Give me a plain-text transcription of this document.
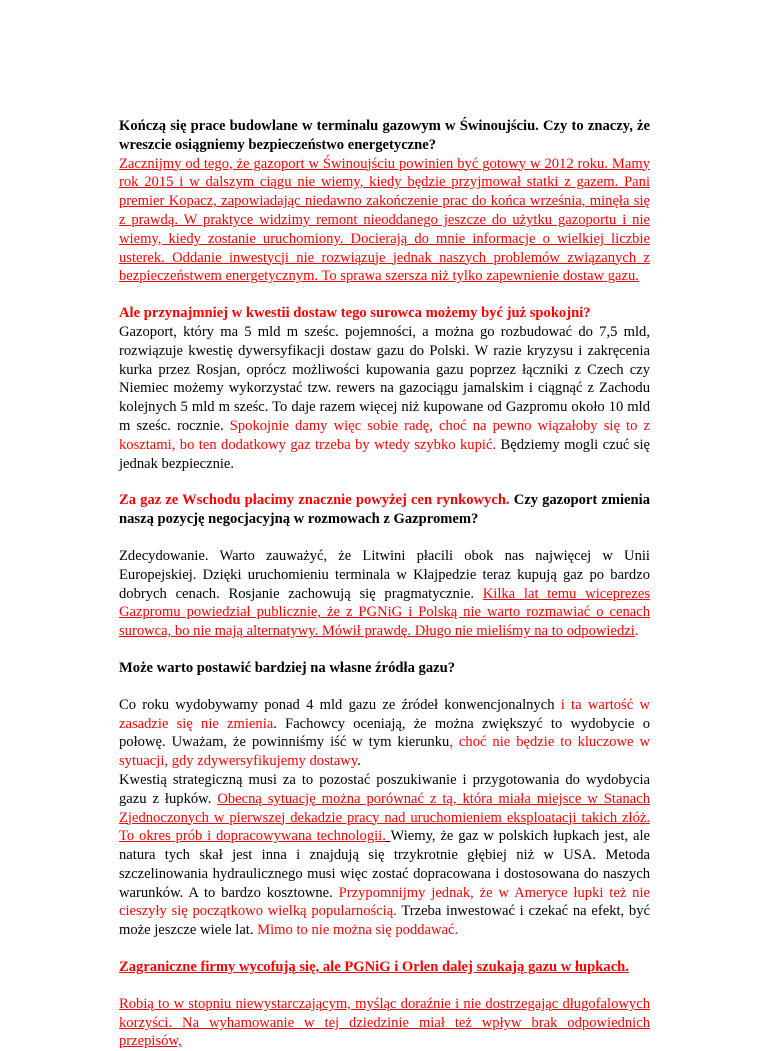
Kończą się prace budowlane w terminalu gazowym w Świnoujściu. Czy to znaczy, że wreszcie osiągniemy bezpieczeństwo energetyczne?

Zacznijmy od tego, że gazoport w Świnoujściu powinien być gotowy w 2012 roku. Mamy rok 2015 i w dalszym ciągu nie wiemy, kiedy będzie przyjmował statki z gazem. Pani premier Kopacz, zapowiadając niedawno zakończenie prac do końca września, minęła się z prawdą. W praktyce widzimy remont nieoddanego jeszcze do użytku gazoportu i nie wiemy, kiedy zostanie uruchomiony. Docierają do mnie informacje o wielkiej liczbie usterek. Oddanie inwestycji nie rozwiązuje jednak naszych problemów związanych z bezpieczeństwem energetycznym. To sprawa szersza niż tylko zapewnienie dostaw gazu.

Ale przynajmniej w kwestii dostaw tego surowca możemy być już spokojni?

Gazoport, który ma 5 mld m sześc. pojemności, a można go rozbudować do 7,5 mld, rozwiązuje kwestię dywersyfikacji dostaw gazu do Polski. W razie kryzysu i zakręcenia kurka przez Rosjan, oprócz możliwości kupowania gazu poprzez łączniki z Czech czy Niemiec możemy wykorzystać tzw. rewers na gazociągu jamalskim i ciągnąć z Zachodu kolejnych 5 mld m sześc. To daje razem więcej niż kupowane od Gazpromu około 10 mld m sześc. rocznie. Spokojnie damy więc sobie radę, choć na pewno wiązałoby się to z kosztami, bo ten dodatkowy gaz trzeba by wtedy szybko kupić. Będziemy mogli czuć się jednak bezpiecznie.

Za gaz ze Wschodu płacimy znacznie powyżej cen rynkowych. Czy gazoport zmienia naszą pozycję negocjacyjną w rozmowach z Gazpromem?

Zdecydowanie. Warto zauważyć, że Litwini płacili obok nas najwięcej w Unii Europejskiej. Dzięki uruchomieniu terminala w Kłajpedzie teraz kupują gaz po bardzo dobrych cenach. Rosjanie zachowują się pragmatycznie. Kilka lat temu wiceprezes Gazpromu powiedział publicznie, że z PGNiG i Polską nie warto rozmawiać o cenach surowca, bo nie mają alternatywy. Mówił prawdę. Długo nie mieliśmy na to odpowiedzi.

Może warto postawić bardziej na własne źródła gazu?

Co roku wydobywamy ponad 4 mld gazu ze źródeł konwencjonalnych i ta wartość w zasadzie się nie zmienia. Fachowcy oceniają, że można zwiększyć to wydobycie o połowę. Uważam, że powinniśmy iść w tym kierunku, choć nie będzie to kluczowe w sytuacji, gdy zdywersyfikujemy dostawy.

Kwestią strategiczną musi za to pozostać poszukiwanie i przygotowania do wydobycia gazu z łupków. Obecną sytuację można porównać z tą, która miała miejsce w Stanach Zjednoczonych w pierwszej dekadzie pracy nad uruchomieniem eksploatacji takich złóż. To okres prób i dopracowywana technologii. Wiemy, że gaz w polskich łupkach jest, ale natura tych skał jest inna i znajdują się trzykrotnie głębiej niż w USA. Metoda szczelinowania hydraulicznego musi więc zostać dopracowana i dostosowana do naszych warunków. A to bardzo kosztowne. Przypomnijmy jednak, że w Ameryce łupki też nie cieszyły się początkowo wielką popularnością. Trzeba inwestować i czekać na efekt, być może jeszcze wiele lat. Mimo to nie można się poddawać.

Zagraniczne firmy wycofują się, ale PGNiG i Orlen dalej szukają gazu w łupkach.

Robią to w stopniu niewystarczającym, myśląc doraźnie i nie dostrzegając długofalowych korzyści. Na wyhamowanie w tej dziedzinie miał też wpływ brak odpowiednich przepisów,
